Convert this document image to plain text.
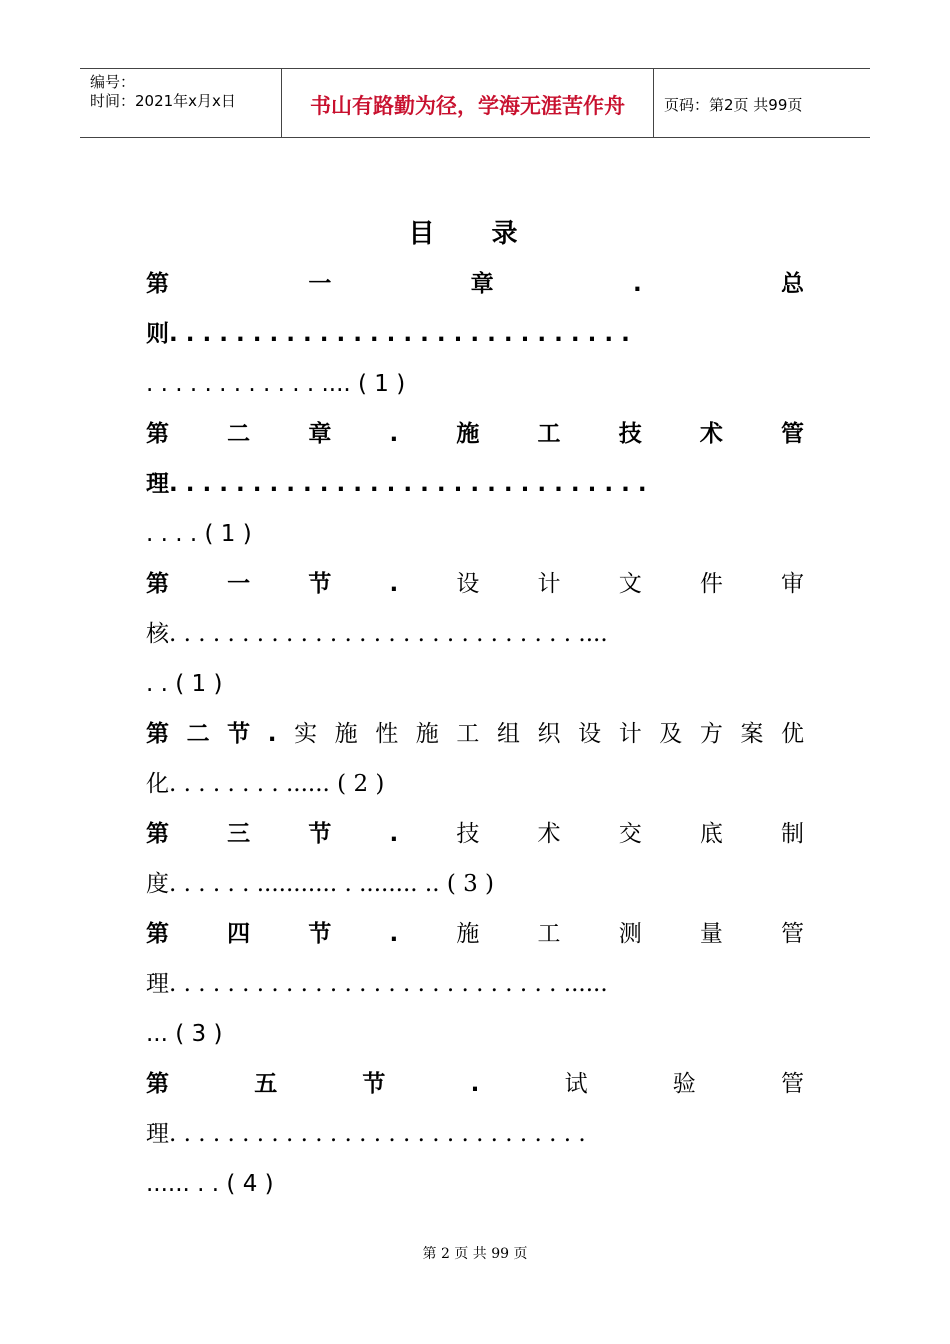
编号：
时间：2021年x月x日	书山有路勤为径，学海无涯苦作舟	页码：第2页 共99页
目 录
第	一	章	.	总
则. . . . . . . . . . . . . . . . . . . . . . . . . . . .
. . . . . . . . . . . . .... ( 1 )
第	二	章	.	施	工	技	术	管
理. . . . . . . . . . . . . . . . . . . . . . . . . . . . .
. . . . ( 1 )
第	一	节	.	设	计	文	件	审
核. . . . . . . . . . . . . . . . . . . . . . . . . . . . ....
. . ( 1 )
第 二 节 . 实 施 性 施 工 组 织 设 计 及 方 案 优
化. . . . . . . . ...... ( 2 )
第	三	节	.	技	术	交	底	制
度. . . . . . ........... . ........ .. ( 3 )
第	四	节	.	施	工	测	量	管
理. . . . . . . . . . . . . . . . . . . . . . . . . . . ......
... ( 3 )
第	五	节	.	试	验	管
理. . . . . . . . . . . . . . . . . . . . . . . . . . . . .
...... . . ( 4 )
第 2 页 共 99 页
